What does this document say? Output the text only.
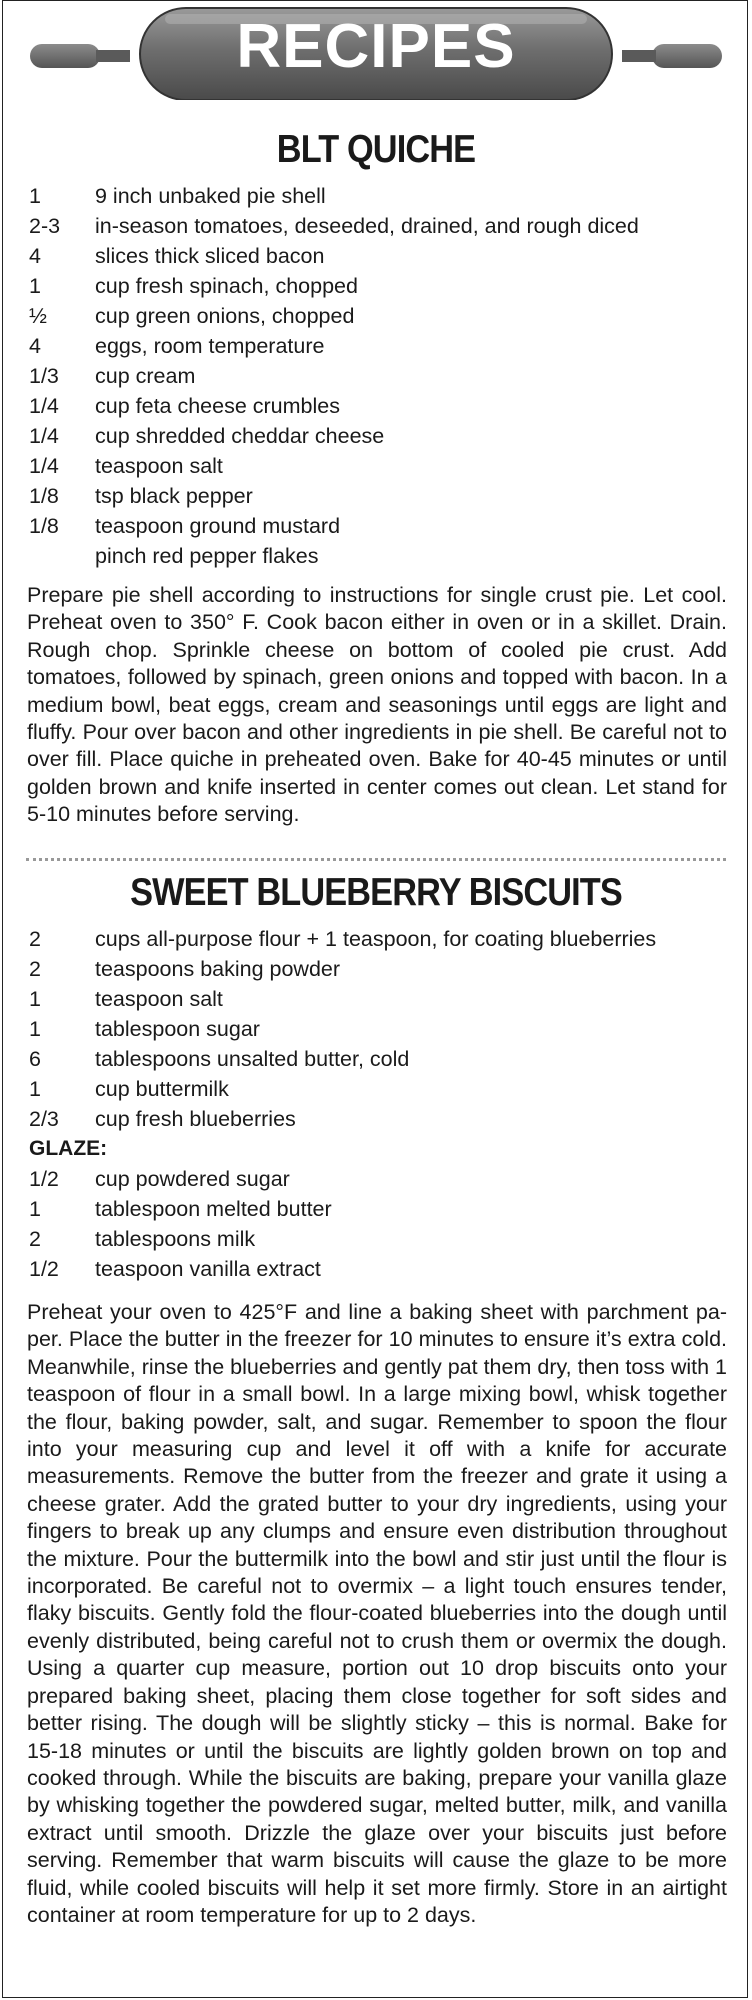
RECIPES
BLT QUICHE
1	9 inch unbaked pie shell
2-3 in-season tomatoes, deseeded, drained, and rough diced
4	slices thick sliced bacon
1	cup fresh spinach, chopped
½ cup green onions, chopped
4	eggs, room temperature
1/3 cup cream
1/4 cup feta cheese crumbles
1/4 cup shredded cheddar cheese
1/4 teaspoon salt
1/8 tsp black pepper
1/8 teaspoon ground mustard
pinch red pepper flakes
Prepare pie shell according to instructions for single crust pie. Let cool. Preheat oven to 350° F. Cook bacon either in oven or in a skillet. Drain. Rough chop. Sprinkle cheese on bottom of cooled pie crust. Add tomatoes, followed by spinach, green onions and topped with bacon. In a medium bowl, beat eggs, cream and seasonings until eggs are light and fluffy. Pour over bacon and other ingredients in pie shell. Be careful not to over fill. Place quiche in preheated oven. Bake for 40-45 minutes or until golden brown and knife inserted in center comes out clean. Let stand for 5-10 minutes before serving.
SWEET BLUEBERRY BISCUITS
2	cups all-purpose flour + 1 teaspoon, for coating blueberries
2	teaspoons baking powder
1	teaspoon salt
1	tablespoon sugar
6	tablespoons unsalted butter, cold
1	cup buttermilk
2/3 cup fresh blueberries
GLAZE:
1/2 cup powdered sugar
1	tablespoon melted butter
2	tablespoons milk
1/2 teaspoon vanilla extract
Preheat your oven to 425°F and line a baking sheet with parchment paper. Place the butter in the freezer for 10 minutes to ensure it’s extra cold. Meanwhile, rinse the blueberries and gently pat them dry, then toss with 1 teaspoon of flour in a small bowl. In a large mixing bowl, whisk together the flour, baking powder, salt, and sugar. Remember to spoon the flour into your measuring cup and level it off with a knife for accurate measurements. Remove the butter from the freezer and grate it using a cheese grater. Add the grated butter to your dry ingredients, using your fingers to break up any clumps and ensure even distribution throughout the mixture. Pour the buttermilk into the bowl and stir just until the flour is incorporated. Be careful not to overmix – a light touch ensures tender, flaky biscuits. Gently fold the flour-coated blueberries into the dough until evenly distributed, being careful not to crush them or overmix the dough. Using a quarter cup measure, portion out 10 drop biscuits onto your prepared baking sheet, placing them close together for soft sides and better rising. The dough will be slightly sticky – this is normal. Bake for 15-18 minutes or until the biscuits are lightly golden brown on top and cooked through. While the biscuits are baking, prepare your vanilla glaze by whisking together the powdered sugar, melted butter, milk, and vanilla extract until smooth. Drizzle the glaze over your biscuits just before serving. Remember that warm biscuits will cause the glaze to be more fluid, while cooled biscuits will help it set more firmly. Store in an airtight container at room temperature for up to 2 days.
